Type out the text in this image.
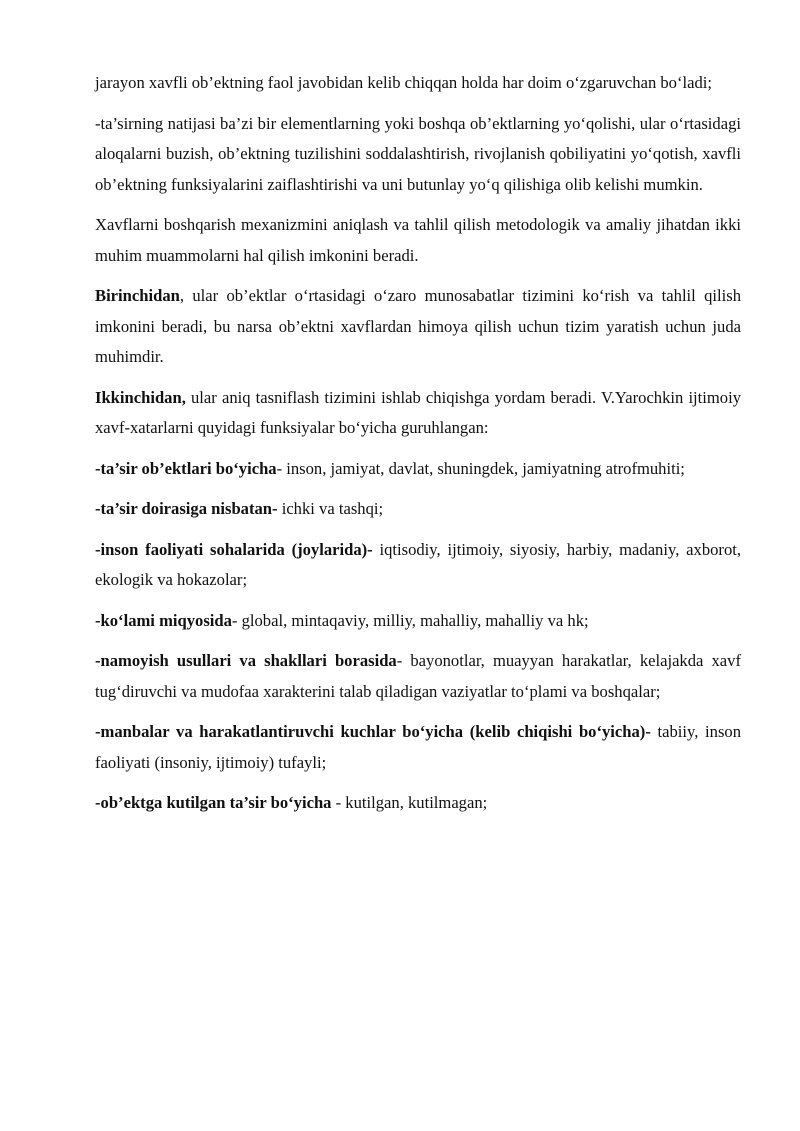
jarayon xavfli ob’ektning faol javobidan kelib chiqqan holda har doim o‘zgaruvchan bo‘ladi;

-ta’sirning natijasi ba’zi bir elementlarning yoki boshqa ob’ektlarning yo‘qolishi, ular o‘rtasidagi aloqalarni buzish, ob’ektning tuzilishini soddalashtirish, rivojlanish qobiliyatini yo‘qotish, xavfli ob’ektning funksiyalarini zaiflashtirishi va uni butunlay yo‘q qilishiga olib kelishi mumkin.

Xavflarni boshqarish mexanizmini aniqlash va tahlil qilish metodologik va amaliy jihatdan ikki muhim muammolarni hal qilish imkonini beradi.

Birinchidan, ular ob’ektlar o‘rtasidagi o‘zaro munosabatlar tizimini ko‘rish va tahlil qilish imkonini beradi, bu narsa ob’ektni xavflardan himoya qilish uchun tizim yaratish uchun juda muhimdir.

Ikkinchidan, ular aniq tasniflash tizimini ishlab chiqishga yordam beradi. V.Yarochkin ijtimoiy xavf-xatarlarni quyidagi funksiyalar bo‘yicha guruhlangan:

-ta’sir ob’ektlari bo‘yicha- inson, jamiyat, davlat, shuningdek, jamiyatning atrofmuhiti;

-ta’sir doirasiga nisbatan- ichki va tashqi;

-inson faoliyati sohalarida (joylarida)- iqtisodiy, ijtimoiy, siyosiy, harbiy, madaniy, axborot, ekologik va hokazolar;

-ko‘lami miqyosida- global, mintaqaviy, milliy, mahalliy, mahalliy va hk;

-namoyish usullari va shakllari borasida- bayonotlar, muayyan harakatlar, kelajakda xavf tug‘diruvchi va mudofaa xarakterini talab qiladigan vaziyatlar to‘plami va boshqalar;

-manbalar va harakatlantiruvchi kuchlar bo‘yicha (kelib chiqishi bo‘yicha)- tabiiy, inson faoliyati (insoniy, ijtimoiy) tufayli;

-ob’ektga kutilgan ta’sir bo‘yicha - kutilgan, kutilmagan;
